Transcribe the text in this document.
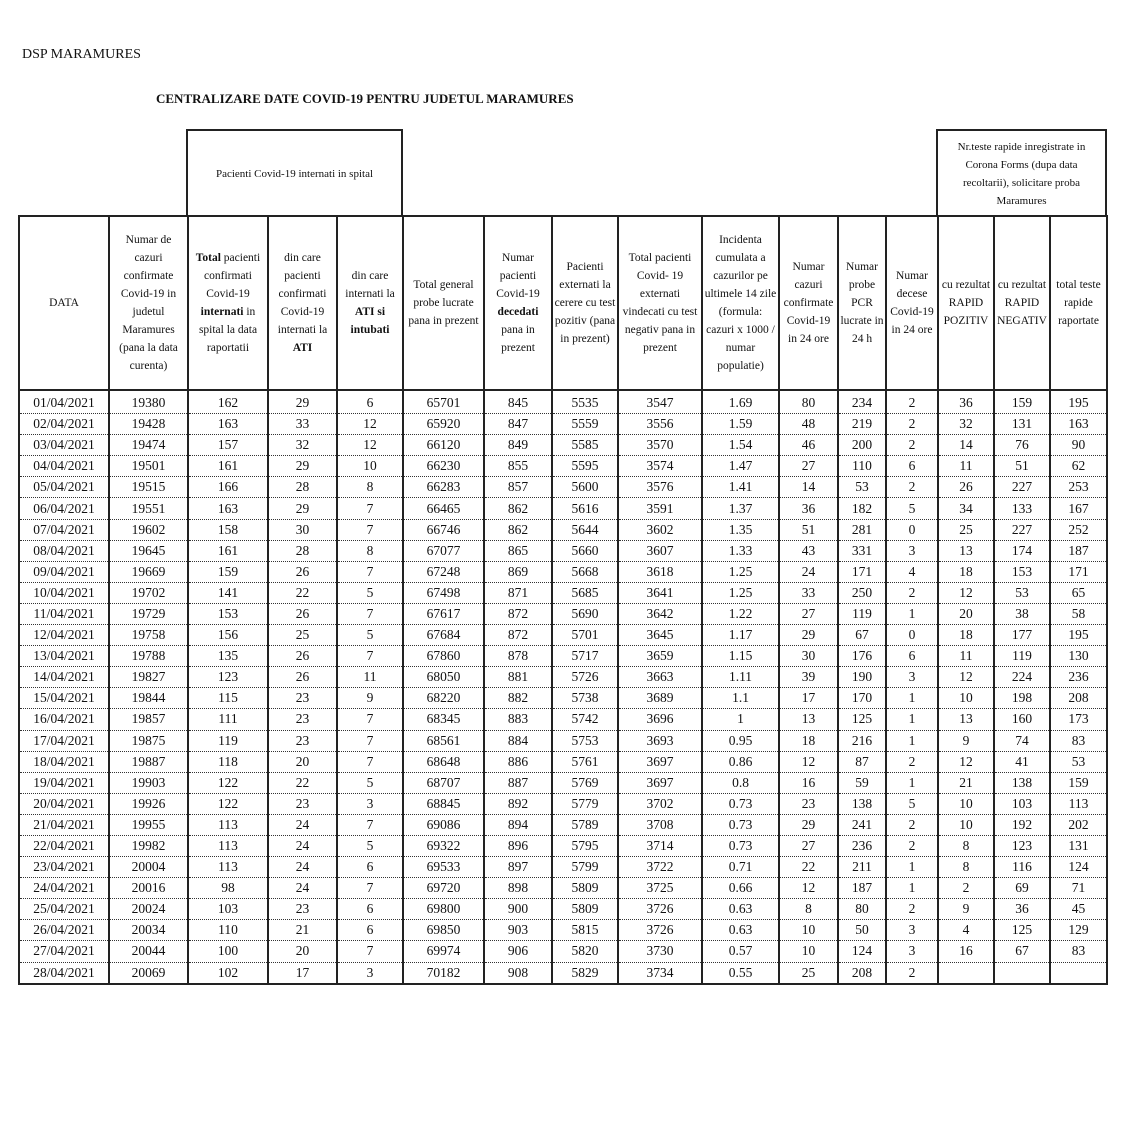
DSP MARAMURES
CENTRALIZARE DATE COVID-19 PENTRU JUDETUL MARAMURES
	Pacienti Covid-19 internati in spital		Nr.teste rapide inregistrate in Corona Forms (dupa data recoltarii), solicitare proba Maramures
DATA	Numar de cazuri confirmate Covid-19 in judetul Maramures (pana la data curenta)	Total pacienti confirmati Covid-19 internati in spital la data raportatii	din care pacienti confirmati Covid-19 internati la ATI	din care internati la ATI si intubati	Total general probe lucrate pana in prezent	Numar pacienti Covid-19 decedati pana in prezent	Pacienti externati la cerere cu test pozitiv (pana in prezent)	Total pacienti Covid- 19 externati vindecati cu test negativ pana in prezent	Incidenta cumulata a cazurilor pe ultimele 14 zile (formula: cazuri x 1000 / numar populatie)	Numar cazuri confirmate Covid-19 in 24 ore	Numar probe PCR lucrate in 24 h	Numar decese Covid-19 in 24 ore	cu rezultat RAPID POZITIV	cu rezultat RAPID NEGATIV	total teste rapide raportate
01/04/2021	19380	162	29	6	65701	845	5535	3547	1.69	80	234	2	36	159	195
02/04/2021	19428	163	33	12	65920	847	5559	3556	1.59	48	219	2	32	131	163
03/04/2021	19474	157	32	12	66120	849	5585	3570	1.54	46	200	2	14	76	90
04/04/2021	19501	161	29	10	66230	855	5595	3574	1.47	27	110	6	11	51	62
05/04/2021	19515	166	28	8	66283	857	5600	3576	1.41	14	53	2	26	227	253
06/04/2021	19551	163	29	7	66465	862	5616	3591	1.37	36	182	5	34	133	167
07/04/2021	19602	158	30	7	66746	862	5644	3602	1.35	51	281	0	25	227	252
08/04/2021	19645	161	28	8	67077	865	5660	3607	1.33	43	331	3	13	174	187
09/04/2021	19669	159	26	7	67248	869	5668	3618	1.25	24	171	4	18	153	171
10/04/2021	19702	141	22	5	67498	871	5685	3641	1.25	33	250	2	12	53	65
11/04/2021	19729	153	26	7	67617	872	5690	3642	1.22	27	119	1	20	38	58
12/04/2021	19758	156	25	5	67684	872	5701	3645	1.17	29	67	0	18	177	195
13/04/2021	19788	135	26	7	67860	878	5717	3659	1.15	30	176	6	11	119	130
14/04/2021	19827	123	26	11	68050	881	5726	3663	1.11	39	190	3	12	224	236
15/04/2021	19844	115	23	9	68220	882	5738	3689	1.1	17	170	1	10	198	208
16/04/2021	19857	111	23	7	68345	883	5742	3696	1	13	125	1	13	160	173
17/04/2021	19875	119	23	7	68561	884	5753	3693	0.95	18	216	1	9	74	83
18/04/2021	19887	118	20	7	68648	886	5761	3697	0.86	12	87	2	12	41	53
19/04/2021	19903	122	22	5	68707	887	5769	3697	0.8	16	59	1	21	138	159
20/04/2021	19926	122	23	3	68845	892	5779	3702	0.73	23	138	5	10	103	113
21/04/2021	19955	113	24	7	69086	894	5789	3708	0.73	29	241	2	10	192	202
22/04/2021	19982	113	24	5	69322	896	5795	3714	0.73	27	236	2	8	123	131
23/04/2021	20004	113	24	6	69533	897	5799	3722	0.71	22	211	1	8	116	124
24/04/2021	20016	98	24	7	69720	898	5809	3725	0.66	12	187	1	2	69	71
25/04/2021	20024	103	23	6	69800	900	5809	3726	0.63	8	80	2	9	36	45
26/04/2021	20034	110	21	6	69850	903	5815	3726	0.63	10	50	3	4	125	129
27/04/2021	20044	100	20	7	69974	906	5820	3730	0.57	10	124	3	16	67	83
28/04/2021	20069	102	17	3	70182	908	5829	3734	0.55	25	208	2			
